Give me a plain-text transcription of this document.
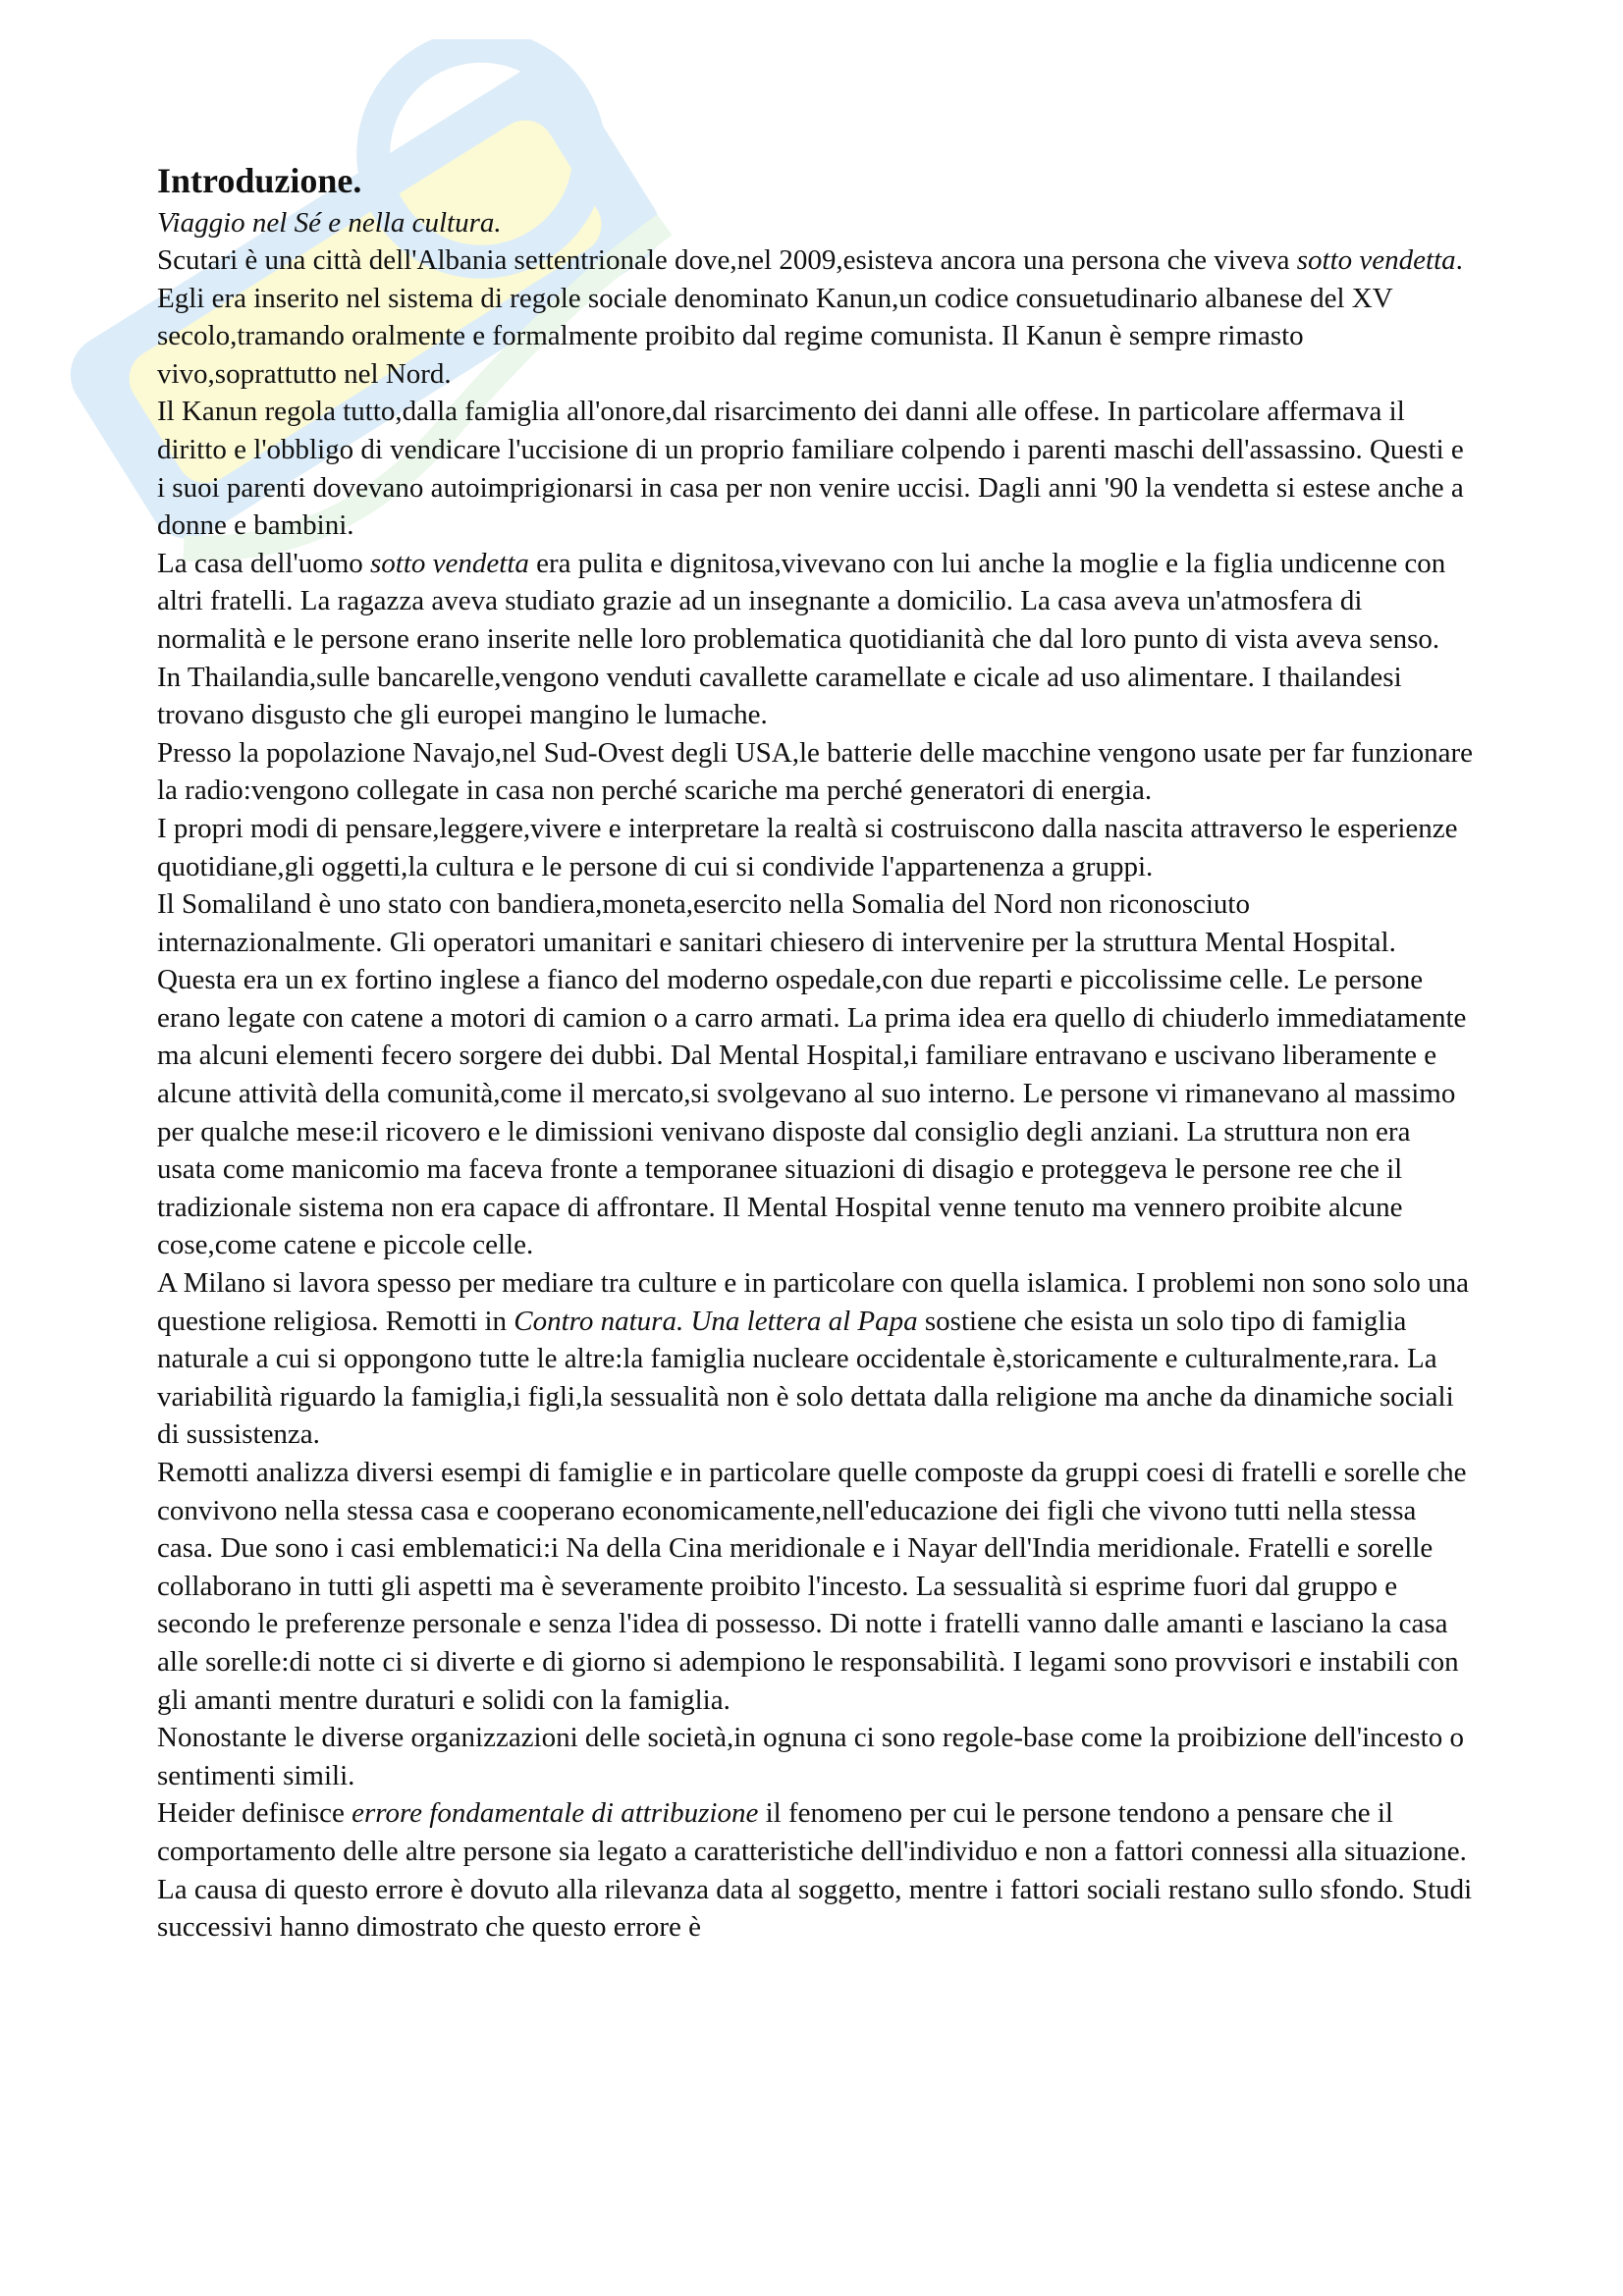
Introduzione.

Viaggio nel Sé e nella cultura.

Scutari è una città dell'Albania settentrionale dove,nel 2009,esisteva ancora una persona che viveva sotto vendetta. Egli era inserito nel sistema di regole sociale denominato Kanun,un codice consuetudinario albanese del XV secolo,tramando oralmente e formalmente proibito dal regime comunista. Il Kanun è sempre rimasto vivo,soprattutto nel Nord.

Il Kanun regola tutto,dalla famiglia all'onore,dal risarcimento dei danni alle offese. In particolare affermava il diritto e l'obbligo di vendicare l'uccisione di un proprio familiare colpendo i parenti maschi dell'assassino. Questi e i suoi parenti dovevano autoimprigionarsi in casa per non venire uccisi. Dagli anni '90 la vendetta si estese anche a donne e bambini.

La casa dell'uomo sotto vendetta era pulita e dignitosa,vivevano con lui anche la moglie e la figlia undicenne con altri fratelli. La ragazza aveva studiato grazie ad un insegnante a domicilio. La casa aveva un'atmosfera di normalità e le persone erano inserite nelle loro problematica quotidianità che dal loro punto di vista aveva senso.

In Thailandia,sulle bancarelle,vengono venduti cavallette caramellate e cicale ad uso alimentare. I thailandesi trovano disgusto che gli europei mangino le lumache.

Presso la popolazione Navajo,nel Sud-Ovest degli USA,le batterie delle macchine vengono usate per far funzionare la radio:vengono collegate in casa non perché scariche ma perché generatori di energia.

I propri modi di pensare,leggere,vivere e interpretare la realtà si costruiscono dalla nascita attraverso le esperienze quotidiane,gli oggetti,la cultura e le persone di cui si condivide l'appartenenza a gruppi.

Il Somaliland è uno stato con bandiera,moneta,esercito nella Somalia del Nord non riconosciuto internazionalmente. Gli operatori umanitari e sanitari chiesero di intervenire per la struttura Mental Hospital. Questa era un ex fortino inglese a fianco del moderno ospedale,con due reparti e piccolissime celle. Le persone erano legate con catene a motori di camion o a carro armati. La prima idea era quello di chiuderlo immediatamente ma alcuni elementi fecero sorgere dei dubbi. Dal Mental Hospital,i familiare entravano e uscivano liberamente e alcune attività della comunità,come il mercato,si svolgevano al suo interno. Le persone vi rimanevano al massimo per qualche mese:il ricovero e le dimissioni venivano disposte dal consiglio degli anziani. La struttura non era usata come manicomio ma faceva fronte a temporanee situazioni di disagio e proteggeva le persone ree che il tradizionale sistema non era capace di affrontare. Il Mental Hospital venne tenuto ma vennero proibite alcune cose,come catene e piccole celle.

A Milano si lavora spesso per mediare tra culture e in particolare con quella islamica. I problemi non sono solo una questione religiosa. Remotti in Contro natura. Una lettera al Papa sostiene che esista un solo tipo di famiglia naturale a cui si oppongono tutte le altre:la famiglia nucleare occidentale è,storicamente e culturalmente,rara. La variabilità riguardo la famiglia,i figli,la sessualità non è solo dettata dalla religione ma anche da dinamiche sociali di sussistenza.

Remotti analizza diversi esempi di famiglie e in particolare quelle composte da gruppi coesi di fratelli e sorelle che convivono nella stessa casa e cooperano economicamente,nell'educazione dei figli che vivono tutti nella stessa casa. Due sono i casi emblematici:i Na della Cina meridionale e i Nayar dell'India meridionale. Fratelli e sorelle collaborano in tutti gli aspetti ma è severamente proibito l'incesto. La sessualità si esprime fuori dal gruppo e secondo le preferenze personale e senza l'idea di possesso. Di notte i fratelli vanno dalle amanti e lasciano la casa alle sorelle:di notte ci si diverte e di giorno si adempiono le responsabilità. I legami sono provvisori e instabili con gli amanti mentre duraturi e solidi con la famiglia.

Nonostante le diverse organizzazioni delle società,in ognuna ci sono regole-base come la proibizione dell'incesto o sentimenti simili.

Heider definisce errore fondamentale di attribuzione il fenomeno per cui le persone tendono a pensare che il comportamento delle altre persone sia legato a caratteristiche dell'individuo e non a fattori connessi alla situazione. La causa di questo errore è dovuto alla rilevanza data al soggetto, mentre i fattori sociali restano sullo sfondo. Studi successivi hanno dimostrato che questo errore è
